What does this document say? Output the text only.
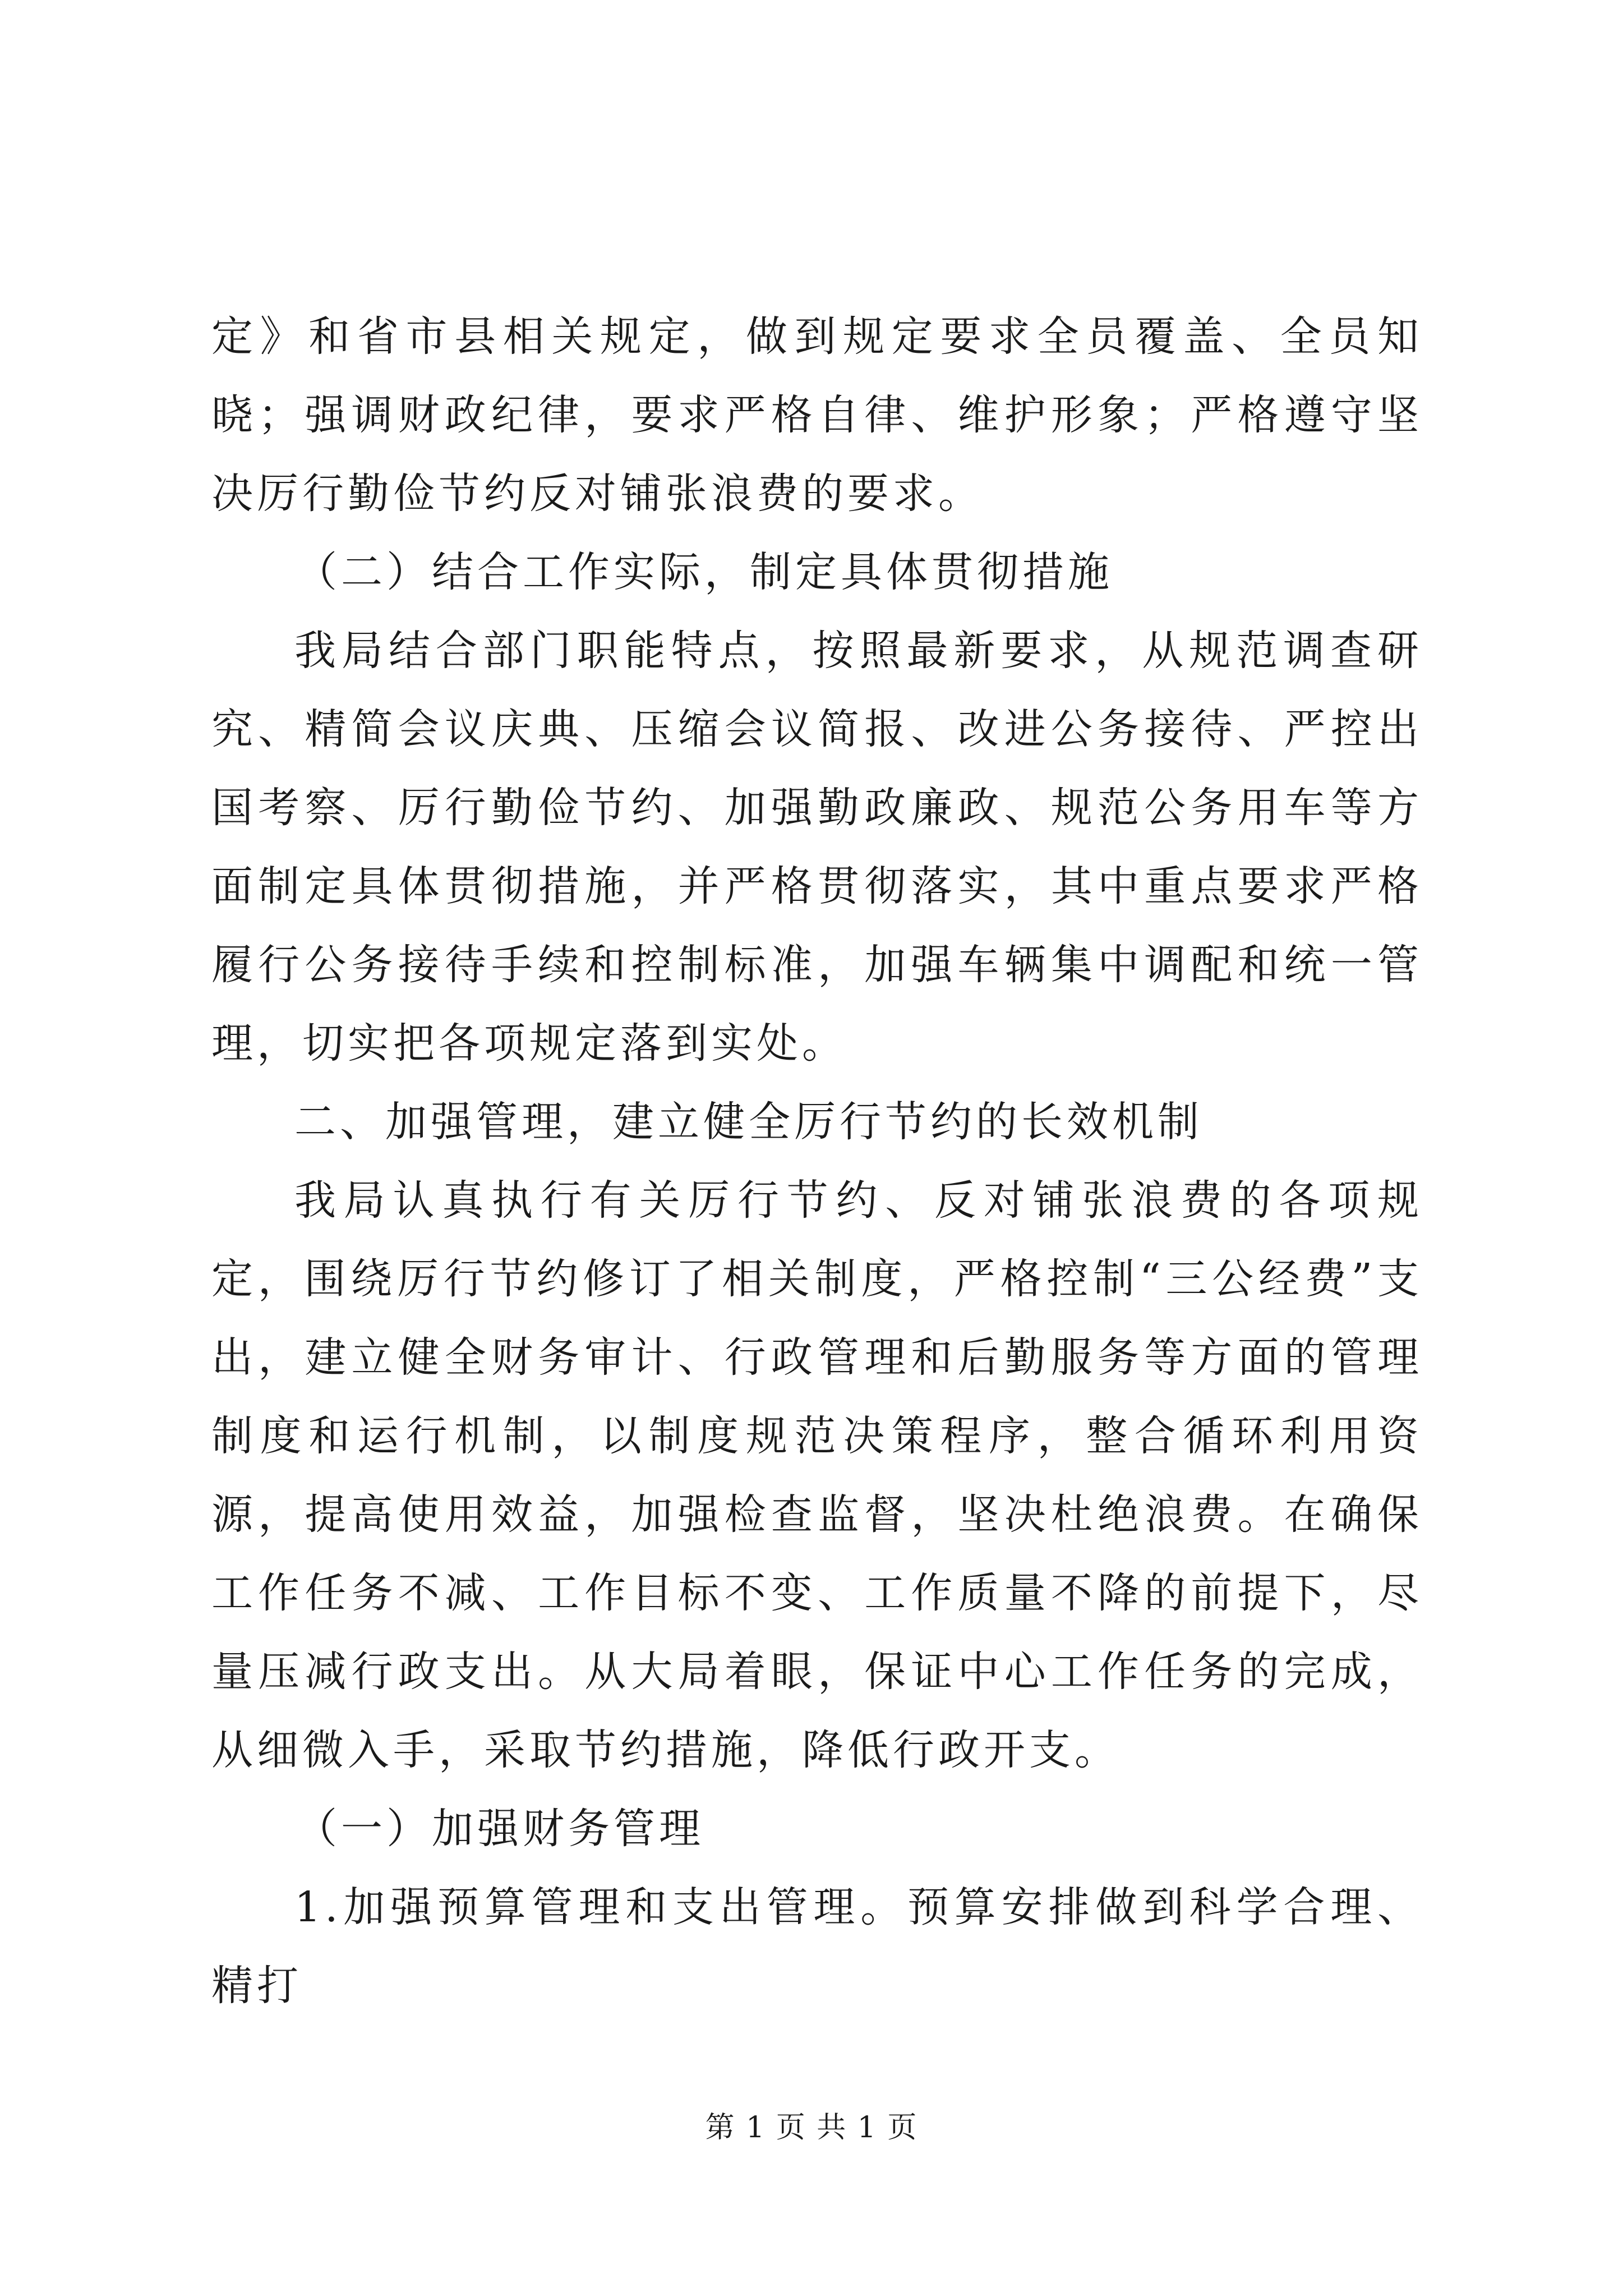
定》和省市县相关规定，做到规定要求全员覆盖、全员知晓；强调财政纪律，要求严格自律、维护形象；严格遵守坚决厉行勤俭节约反对铺张浪费的要求。

（二）结合工作实际，制定具体贯彻措施

我局结合部门职能特点，按照最新要求，从规范调查研究、精简会议庆典、压缩会议简报、改进公务接待、严控出国考察、厉行勤俭节约、加强勤政廉政、规范公务用车等方面制定具体贯彻措施，并严格贯彻落实，其中重点要求严格履行公务接待手续和控制标准，加强车辆集中调配和统一管理，切实把各项规定落到实处。

二、加强管理，建立健全厉行节约的长效机制

我局认真执行有关厉行节约、反对铺张浪费的各项规定，围绕厉行节约修订了相关制度，严格控制“三公经费”支出，建立健全财务审计、行政管理和后勤服务等方面的管理制度和运行机制，以制度规范决策程序，整合循环利用资源，提高使用效益，加强检查监督，坚决杜绝浪费。在确保工作任务不减、工作目标不变、工作质量不降的前提下，尽量压减行政支出。从大局着眼，保证中心工作任务的完成，从细微入手，采取节约措施，降低行政开支。

（一）加强财务管理

1.加强预算管理和支出管理。预算安排做到科学合理、精打

第 1 页 共 1 页
